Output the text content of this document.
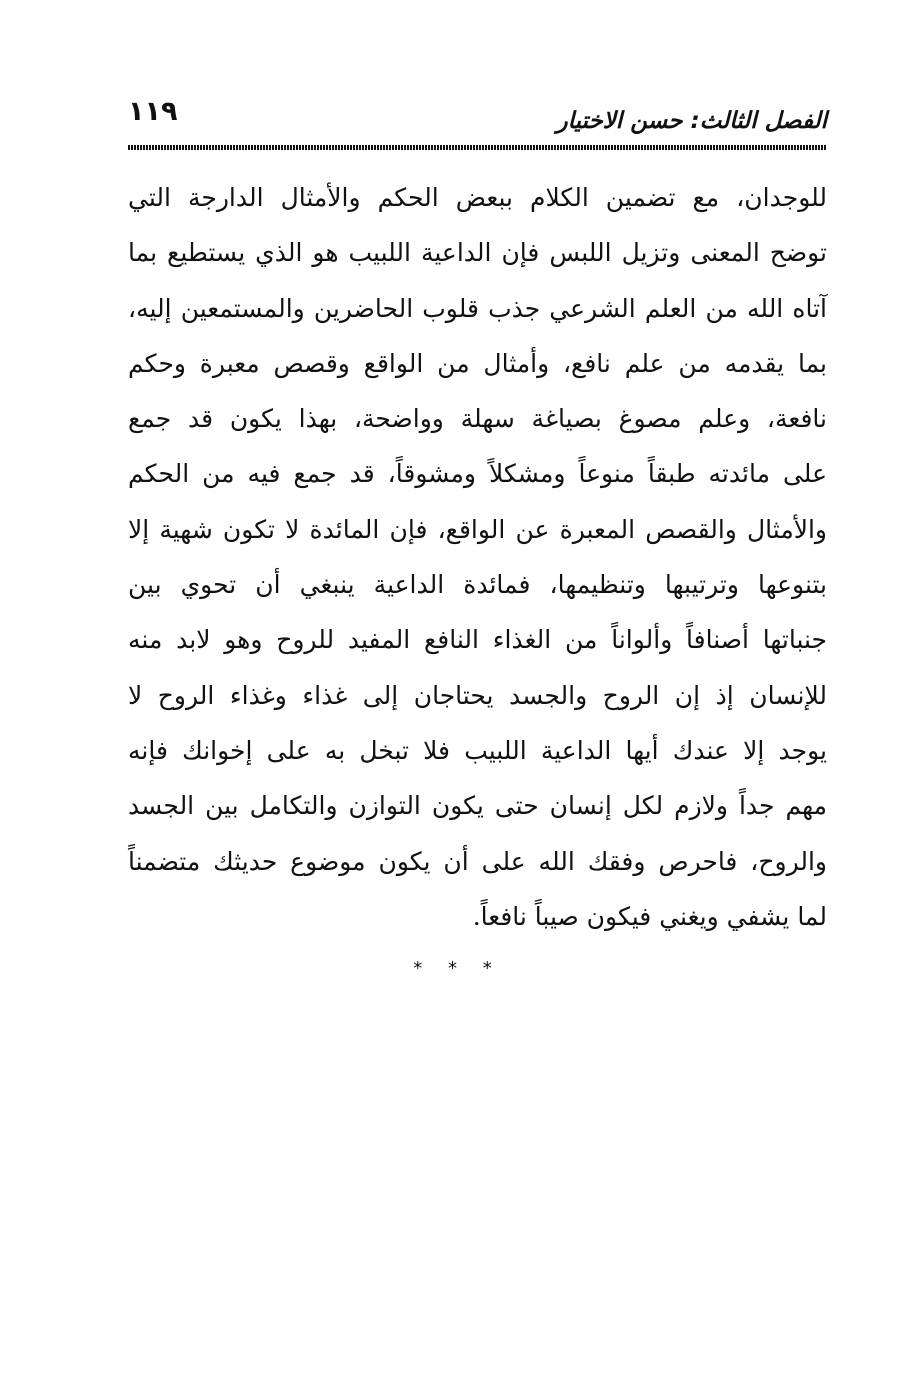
الفصل الثالث: حسن الاختيار
١١٩
للوجدان، مع تضمين الكلام ببعض الحكم والأمثال الدارجة التي
توضح المعنى وتزيل اللبس فإن الداعية اللبيب هو الذي يستطيع بما
آتاه الله من العلم الشرعي جذب قلوب الحاضرين والمستمعين إليه،
بما يقدمه من علم نافع، وأمثال من الواقع وقصص معبرة وحكم
نافعة، وعلم مصوغ بصياغة سهلة وواضحة، بهذا يكون قد جمع
على مائدته طبقاً منوعاً ومشكلاً ومشوقاً، قد جمع فيه من الحكم
والأمثال والقصص المعبرة عن الواقع، فإن المائدة لا تكون شهية إلا
بتنوعها وترتيبها وتنظيمها، فمائدة الداعية ينبغي أن تحوي بين
جنباتها أصنافاً وألواناً من الغذاء النافع المفيد للروح وهو لابد منه
للإنسان إذ إن الروح والجسد يحتاجان إلى غذاء وغذاء الروح لا
يوجد إلا عندك أيها الداعية اللبيب فلا تبخل به على إخوانك فإنه
مهم جداً ولازم لكل إنسان حتى يكون التوازن والتكامل بين الجسد
والروح، فاحرص وفقك الله على أن يكون موضوع حديثك متضمناً
لما يشفي ويغني فيكون صيباً نافعاً.
* * *
